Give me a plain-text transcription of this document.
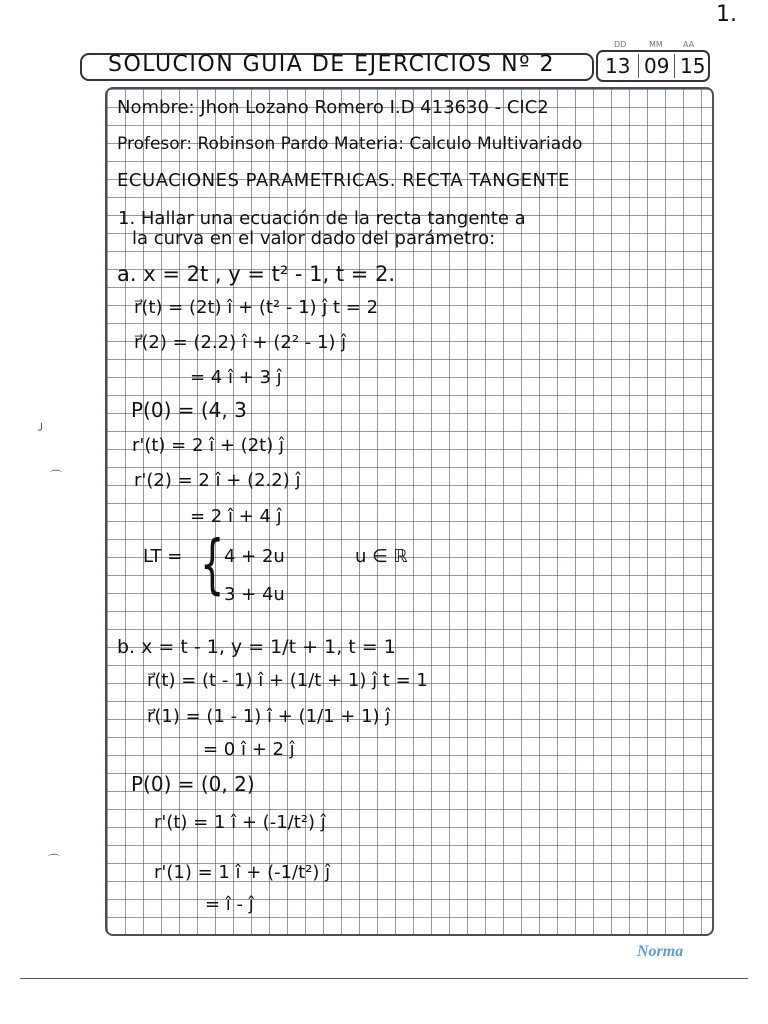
1.
DD	MM	AA
SOLUCION GUIA DE EJERCICIOS Nº 2	13 09 15
╯
⌒
⌒
Nombre: Jhon Lozano Romero I.D 413630 - CIC2
Profesor: Robinson Pardo Materia: Calculo Multivariado
ECUACIONES PARAMETRICAS. RECTA TANGENTE
1. Hallar una ecuación de la recta tangente a
la curva en el valor dado del parámetro:
a. x = 2t , y = t² - 1, t = 2.
r⃗(t) = (2t) î + (t² - 1) ĵ t = 2
r⃗(2) = (2.2) î + (2² - 1) ĵ
= 4 î + 3 ĵ
P(0) = (4, 3
r'(t) = 2 î + (2t) ĵ
r'(2) = 2 î + (2.2) ĵ
= 2 î + 4 ĵ
LT = { 4 + 2u	u ∈ ℝ
3 + 4u
b. x = t - 1, y = 1/t + 1, t = 1
r⃗(t) = (t - 1) î + (1/t + 1) ĵ t = 1
r⃗(1) = (1 - 1) î + (1/1 + 1) ĵ
= 0 î + 2 ĵ
P(0) = (0, 2)
r'(t) = 1 î + (-1/t²) ĵ
r'(1) = 1 î + (-1/t²) ĵ
= î - ĵ
Norma
